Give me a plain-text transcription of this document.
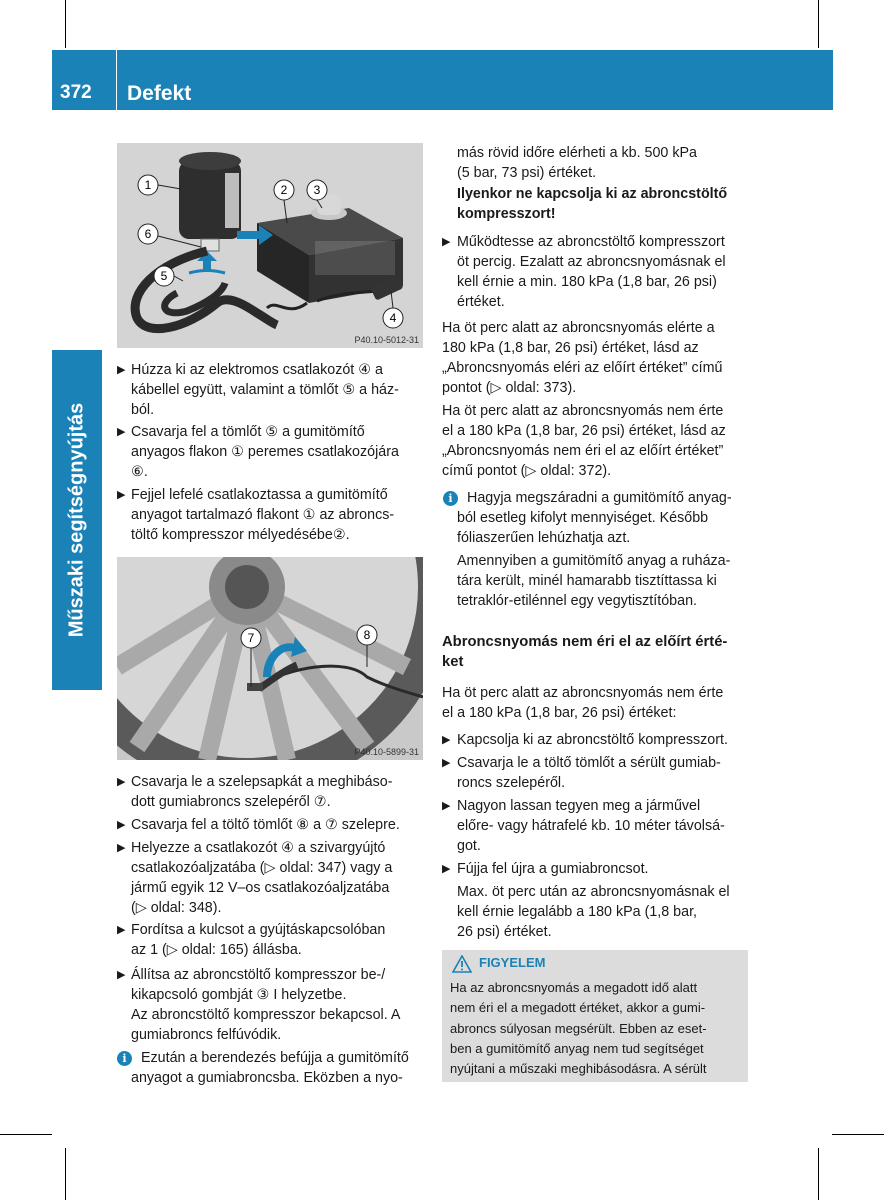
372	Defekt
Műszaki segítségnyújtás
1	2 3
6
5
4
P40.10-5012-31
▶ Húzza ki az elektromos csatlakozót ④ a
kábellel együtt, valamint a tömlőt ⑤ a ház-
ból.
▶ Csavarja fel a tömlőt ⑤ a gumitömítő
anyagos flakon ① peremes csatlakozójára
⑥.
▶ Fejjel lefelé csatlakoztassa a gumitömítő
anyagot tartalmazó flakont ① az abroncs-
töltő kompresszor mélyedésébe②.
7	8
P40.10-5899-31
▶ Csavarja le a szelepsapkát a meghibáso-
dott gumiabroncs szelepéről ⑦.
▶ Csavarja fel a töltő tömlőt ⑧ a ⑦ szelepre.
▶ Helyezze a csatlakozót ④ a szivargyújtó
csatlakozóaljzatába (▷ oldal: 347) vagy a
jármű egyik 12 V–os csatlakozóaljzatába
(▷ oldal: 348).
▶ Fordítsa a kulcsot a gyújtáskapcsolóban
az 1 (▷ oldal: 165) állásba.
▶ Állítsa az abroncstöltő kompresszor be-/
kikapcsoló gombját ③ I helyzetbe.
Az abroncstöltő kompresszor bekapcsol. A
gumiabroncs felfúvódik.
i	Ezután a berendezés befújja a gumitömítő
anyagot a gumiabroncsba. Eközben a nyo-
más rövid időre elérheti a kb. 500 kPa
(5 bar, 73 psi) értéket.
Ilyenkor ne kapcsolja ki az abroncstöltő
kompresszort!
▶ Működtesse az abroncstöltő kompresszort
öt percig. Ezalatt az abroncsnyomásnak el
kell érnie a min. 180 kPa (1,8 bar, 26 psi)
értéket.
Ha öt perc alatt az abroncsnyomás elérte a
180 kPa (1,8 bar, 26 psi) értéket, lásd az
„Abroncsnyomás eléri az előírt értéket” című
pontot (▷ oldal: 373).
Ha öt perc alatt az abroncsnyomás nem érte
el a 180 kPa (1,8 bar, 26 psi) értéket, lásd az
„Abroncsnyomás nem éri el az előírt értéket”
című pontot (▷ oldal: 372).
i	Hagyja megszáradni a gumitömítő anyag-
ból esetleg kifolyt mennyiséget. Később
fóliaszerűen lehúzhatja azt.
Amennyiben a gumitömítő anyag a ruháza-
tára került, minél hamarabb tisztíttassa ki
tetraklór-etilénnel egy vegytisztítóban.
Abroncsnyomás nem éri el az előírt érté-
ket
Ha öt perc alatt az abroncsnyomás nem érte
el a 180 kPa (1,8 bar, 26 psi) értéket:
▶ Kapcsolja ki az abroncstöltő kompresszort.
▶ Csavarja le a töltő tömlőt a sérült gumiab-
roncs szelepéről.
▶ Nagyon lassan tegyen meg a járművel
előre- vagy hátrafelé kb. 10 méter távolsá-
got.
▶ Fújja fel újra a gumiabroncsot.
Max. öt perc után az abroncsnyomásnak el
kell érnie legalább a 180 kPa (1,8 bar,
26 psi) értéket.
FIGYELEM
Ha az abroncsnyomás a megadott idő alatt
nem éri el a megadott értéket, akkor a gumi-
abroncs súlyosan megsérült. Ebben az eset-
ben a gumitömítő anyag nem tud segítséget
nyújtani a műszaki meghibásodásra. A sérült
